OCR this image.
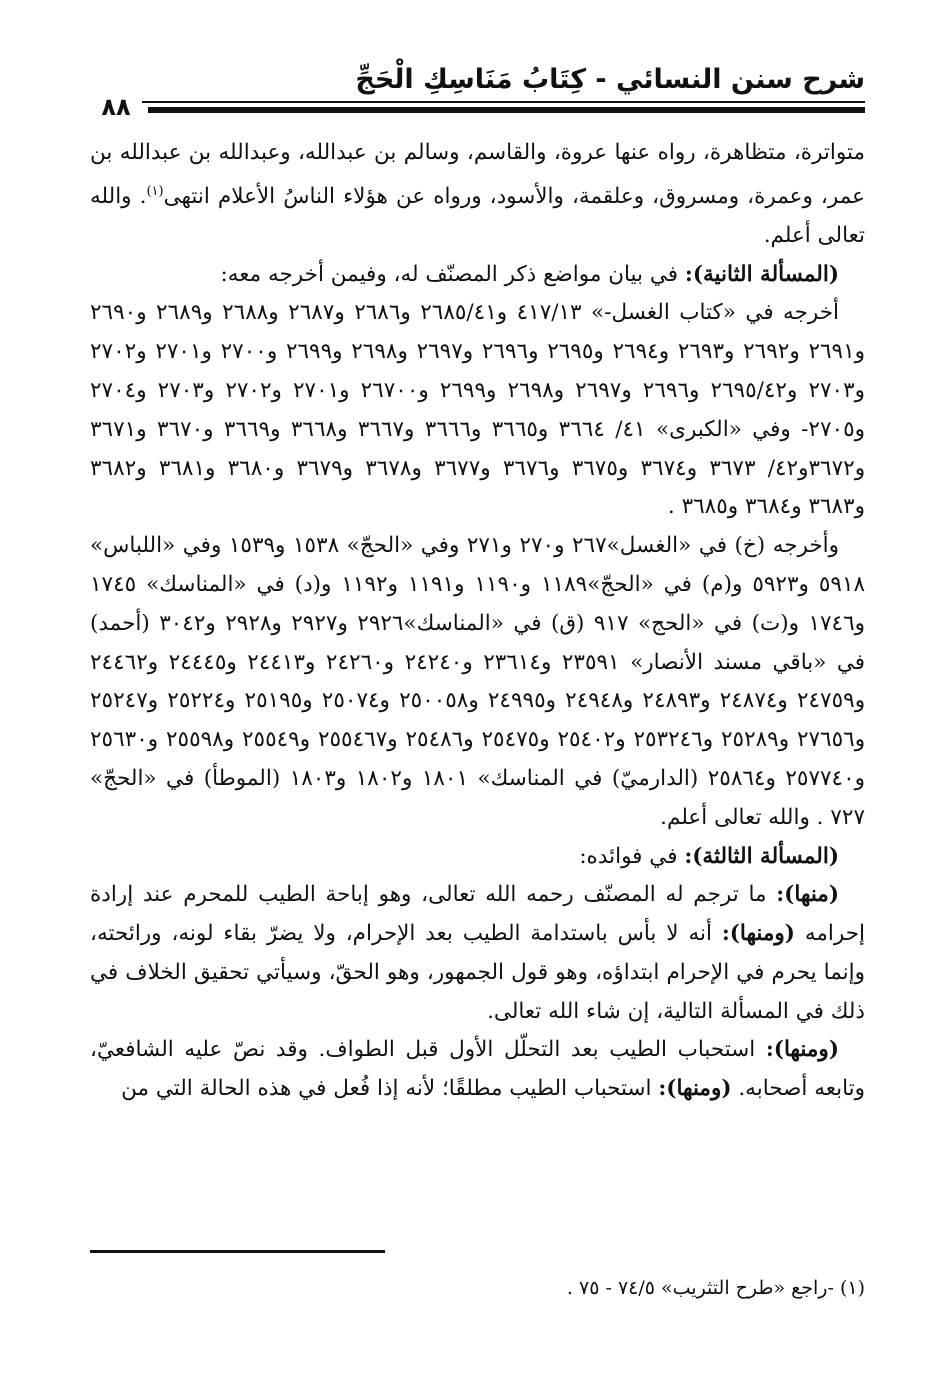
شرح سنن النسائي - كِتَابُ مَنَاسِكِ الْحَجِّ
٨٨

متواترة، متظاهرة، رواه عنها عروة، والقاسم، وسالم بن عبدالله، وعبدالله بن عبدالله بن عمر، وعمرة، ومسروق، وعلقمة، والأسود، ورواه عن هؤلاء الناسُ الأعلام انتهى$^{(١)}$. والله تعالى أعلم.

(المسألة الثانية): في بيان مواضع ذكر المصنّف له، وفيمن أخرجه معه:

أخرجه في «كتاب الغسل-» ٤١٧/١٣ و٢٦٨٥/٤١ و٢٦٨٦ و٢٦٨٧ و٢٦٨٨ و٢٦٨٩ و٢٦٩٠ و٢٦٩١ و٢٦٩٢ و٢٦٩٣ و٢٦٩٤ و٢٦٩٥ و٢٦٩٦ و٢٦٩٧ و٢٦٩٨ و٢٦٩٩ و٢٧٠٠ و٢٧٠١ و٢٧٠٢ و٢٧٠٣ و٢٦٩٥/٤٢ و٢٦٩٦ و٢٦٩٧ و٢٦٩٨ و٢٦٩٩ و٢٦٧٠٠ و٢٧٠١ و٢٧٠٢ و٢٧٠٣ و٢٧٠٤ و٢٧٠٥- وفي «الكبرى» ٤١/ ٣٦٦٤ و٣٦٦٥ و٣٦٦٦ و٣٦٦٧ و٣٦٦٨ و٣٦٦٩ و٣٦٧٠ و٣٦٧١ و٣٦٧٢و٤٢/ ٣٦٧٣ و٣٦٧٤ و٣٦٧٥ و٣٦٧٦ و٣٦٧٧ و٣٦٧٨ و٣٦٧٩ و٣٦٨٠ و٣٦٨١ و٣٦٨٢ و٣٦٨٣ و٣٦٨٤ و٣٦٨٥ .

وأخرجه (خ) في «الغسل»٢٦٧ و٢٧٠ و٢٧١ وفي «الحجّ» ١٥٣٨ و١٥٣٩ وفي «اللباس» ٥٩١٨ و٥٩٢٣ و(م) في «الحجّ»١١٨٩ و١١٩٠ و١١٩١ و١١٩٢ و(د) في «المناسك» ١٧٤٥ و١٧٤٦ و(ت) في «الحج» ٩١٧ (ق) في «المناسك»٢٩٢٦ و٢٩٢٧ و٢٩٢٨ و٣٠٤٢ (أحمد) في «باقي مسند الأنصار» ٢٣٥٩١ و٢٣٦١٤ و٢٤٢٤٠ و٢٤٢٦٠ و٢٤٤١٣ و٢٤٤٤٥ و٢٤٤٦٢ و٢٤٧٥٩ و٢٤٨٧٤ و٢٤٨٩٣ و٢٤٩٤٨ و٢٤٩٩٥ و٢٥٠٠٥٨ و٢٥٠٧٤ و٢٥١٩٥ و٢٥٢٢٤ و٢٥٢٤٧ و٢٧٦٥٦ و٢٥٢٨٩ و٢٥٣٢٤٦ و٢٥٤٠٢ و٢٥٤٧٥ و٢٥٤٨٦ و٢٥٥٤٦٧ و٢٥٥٤٩ و٢٥٥٩٨ و٢٥٦٣٠ و٢٥٧٧٤٠ و٢٥٨٦٤ (الدارميّ) في المناسك» ١٨٠١ و١٨٠٢ و١٨٠٣ (الموطأ) في «الحجّ» ٧٢٧ . والله تعالى أعلم.

(المسألة الثالثة): في فوائده:

(منها): ما ترجم له المصنّف رحمه الله تعالى، وهو إباحة الطيب للمحرم عند إرادة إحرامه (ومنها): أنه لا بأس باستدامة الطيب بعد الإحرام، ولا يضرّ بقاء لونه، ورائحته، وإنما يحرم في الإحرام ابتداؤه، وهو قول الجمهور، وهو الحقّ، وسيأتي تحقيق الخلاف في ذلك في المسألة التالية، إن شاء الله تعالى.

(ومنها): استحباب الطيب بعد التحلّل الأول قبل الطواف. وقد نصّ عليه الشافعيّ، وتابعه أصحابه. (ومنها): استحباب الطيب مطلقًا؛ لأنه إذا فُعل في هذه الحالة التي من

(١) -راجع «طرح التثريب» ٧٤/٥ - ٧٥ .
